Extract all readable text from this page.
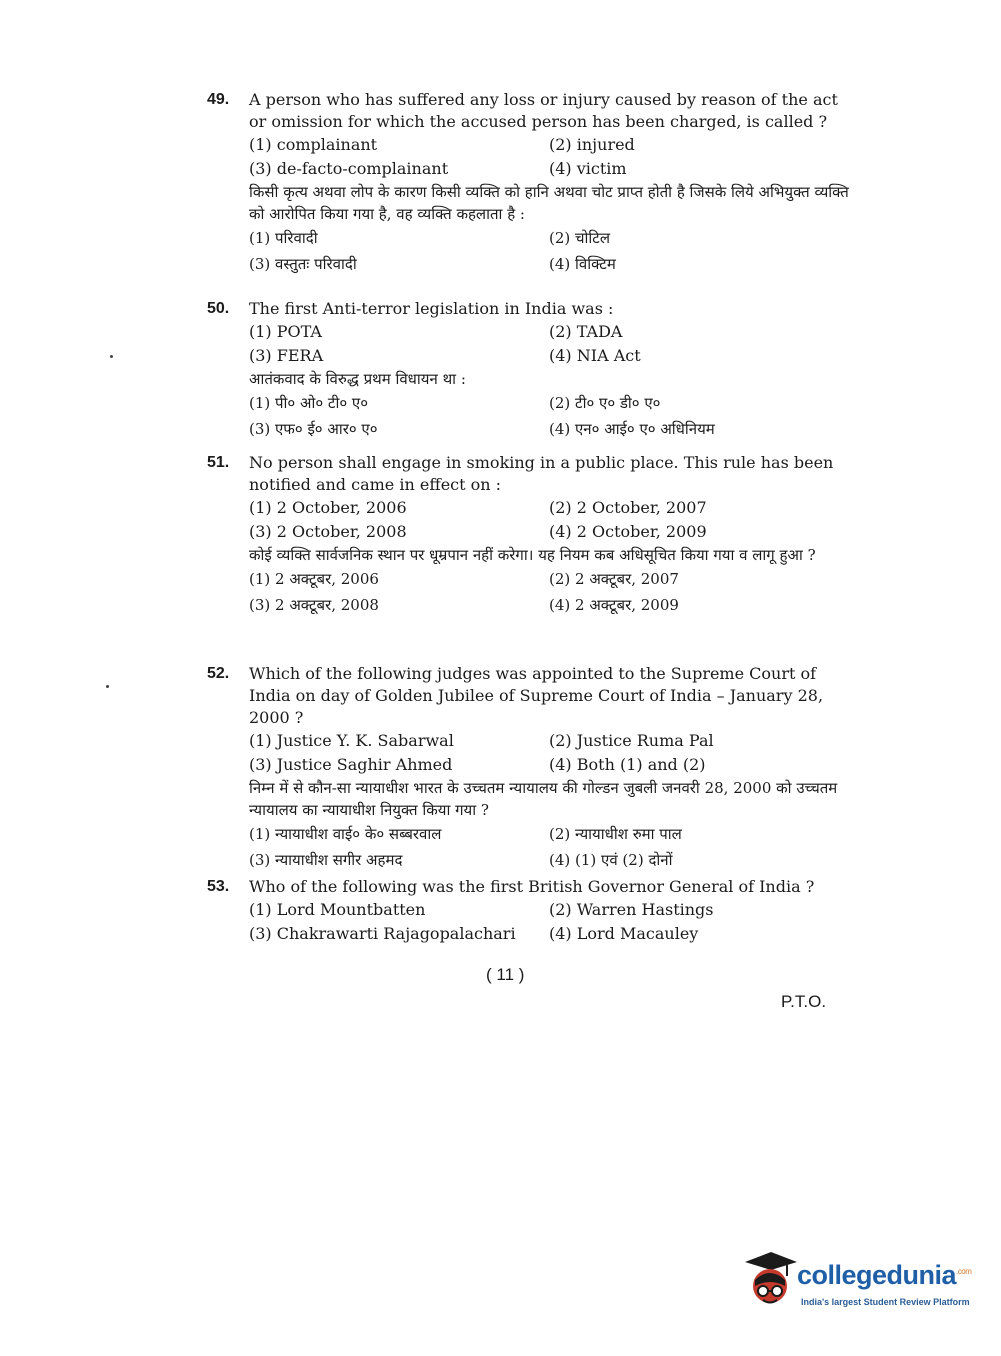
49.	A person who has suffered any loss or injury caused by reason of the act or omission for which the accused person has been charged, is called ?
(1) complainant	(2) injured
(3) de-facto-complainant	(4) victim
किसी कृत्य अथवा लोप के कारण किसी व्यक्ति को हानि अथवा चोट प्राप्त होती है जिसके लिये अभियुक्त व्यक्ति को आरोपित किया गया है, वह व्यक्ति कहलाता है :
(1) परिवादी	(2) चोटिल
(3) वस्तुतः परिवादी	(4) विक्टिम
50.	The first Anti-terror legislation in India was :
(1) POTA	(2) TADA
(3) FERA	(4) NIA Act
आतंकवाद के विरुद्ध प्रथम विधायन था :
(1) पी० ओ० टी० ए०	(2) टी० ए० डी० ए०
(3) एफ० ई० आर० ए०	(4) एन० आई० ए० अधिनियम
51.	No person shall engage in smoking in a public place. This rule has been notified and came in effect on :
(1) 2 October, 2006	(2) 2 October, 2007
(3) 2 October, 2008	(4) 2 October, 2009
कोई व्यक्ति सार्वजनिक स्थान पर धूम्रपान नहीं करेगा। यह नियम कब अधिसूचित किया गया व लागू हुआ ?
(1) 2 अक्टूबर, 2006	(2) 2 अक्टूबर, 2007
(3) 2 अक्टूबर, 2008	(4) 2 अक्टूबर, 2009
52.	Which of the following judges was appointed to the Supreme Court of India on day of Golden Jubilee of Supreme Court of India – January 28, 2000 ?
(1) Justice Y. K. Sabarwal	(2) Justice Ruma Pal
(3) Justice Saghir Ahmed	(4) Both (1) and (2)
निम्न में से कौन-सा न्यायाधीश भारत के उच्चतम न्यायालय की गोल्डन जुबली जनवरी 28, 2000 को उच्चतम न्यायालय का न्यायाधीश नियुक्त किया गया ?
(1) न्यायाधीश वाई० के० सब्बरवाल	(2) न्यायाधीश रुमा पाल
(3) न्यायाधीश सगीर अहमद	(4) (1) एवं (2) दोनों
53.	Who of the following was the first British Governor General of India ?
(1) Lord Mountbatten	(2) Warren Hastings
(3) Chakrawarti Rajagopalachari	(4) Lord Macauley
( 11 )
P.T.O.
collegedunia$^{.com}$
India's largest Student Review Platform
